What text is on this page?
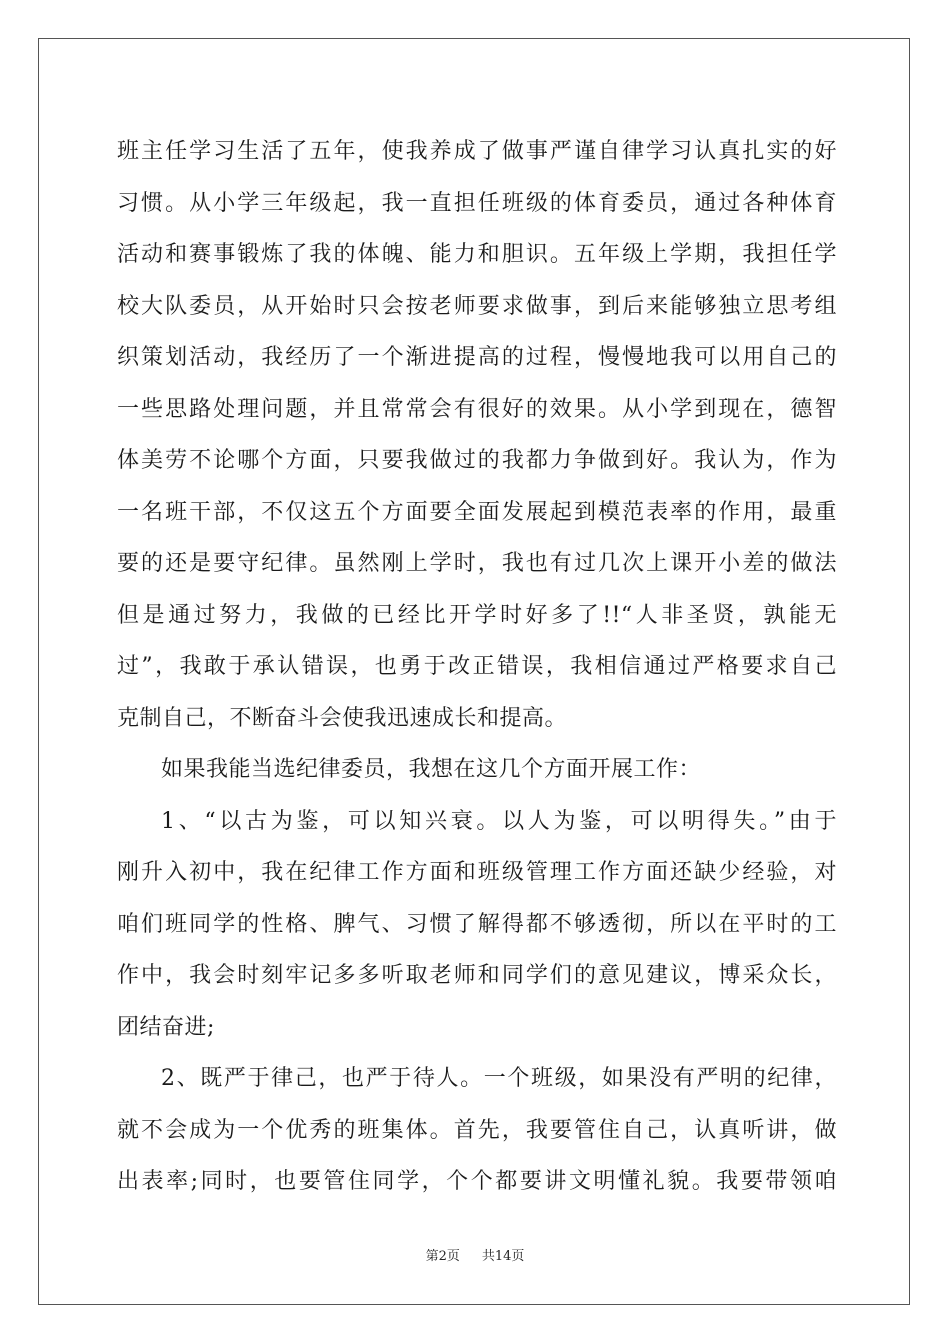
班主任学习生活了五年，使我养成了做事严谨自律学习认真扎实的好
习惯。从小学三年级起，我一直担任班级的体育委员，通过各种体育
活动和赛事锻炼了我的体魄、能力和胆识。五年级上学期，我担任学
校大队委员，从开始时只会按老师要求做事，到后来能够独立思考组
织策划活动，我经历了一个渐进提高的过程，慢慢地我可以用自己的
一些思路处理问题，并且常常会有很好的效果。从小学到现在，德智
体美劳不论哪个方面，只要我做过的我都力争做到好。我认为，作为
一名班干部，不仅这五个方面要全面发展起到模范表率的作用，最重
要的还是要守纪律。虽然刚上学时，我也有过几次上课开小差的做法
但是通过努力，我做的已经比开学时好多了!!“人非圣贤，孰能无
过”，我敢于承认错误，也勇于改正错误，我相信通过严格要求自己
克制自己，不断奋斗会使我迅速成长和提高。
如果我能当选纪律委员，我想在这几个方面开展工作：
1、“以古为鉴，可以知兴衰。以人为鉴，可以明得失。”由于
刚升入初中，我在纪律工作方面和班级管理工作方面还缺少经验，对
咱们班同学的性格、脾气、习惯了解得都不够透彻，所以在平时的工
作中，我会时刻牢记多多听取老师和同学们的意见建议，博采众长，
团结奋进;
2、既严于律己，也严于待人。一个班级，如果没有严明的纪律，
就不会成为一个优秀的班集体。首先，我要管住自己，认真听讲，做
出表率;同时，也要管住同学，个个都要讲文明懂礼貌。我要带领咱
第2页 共14页
